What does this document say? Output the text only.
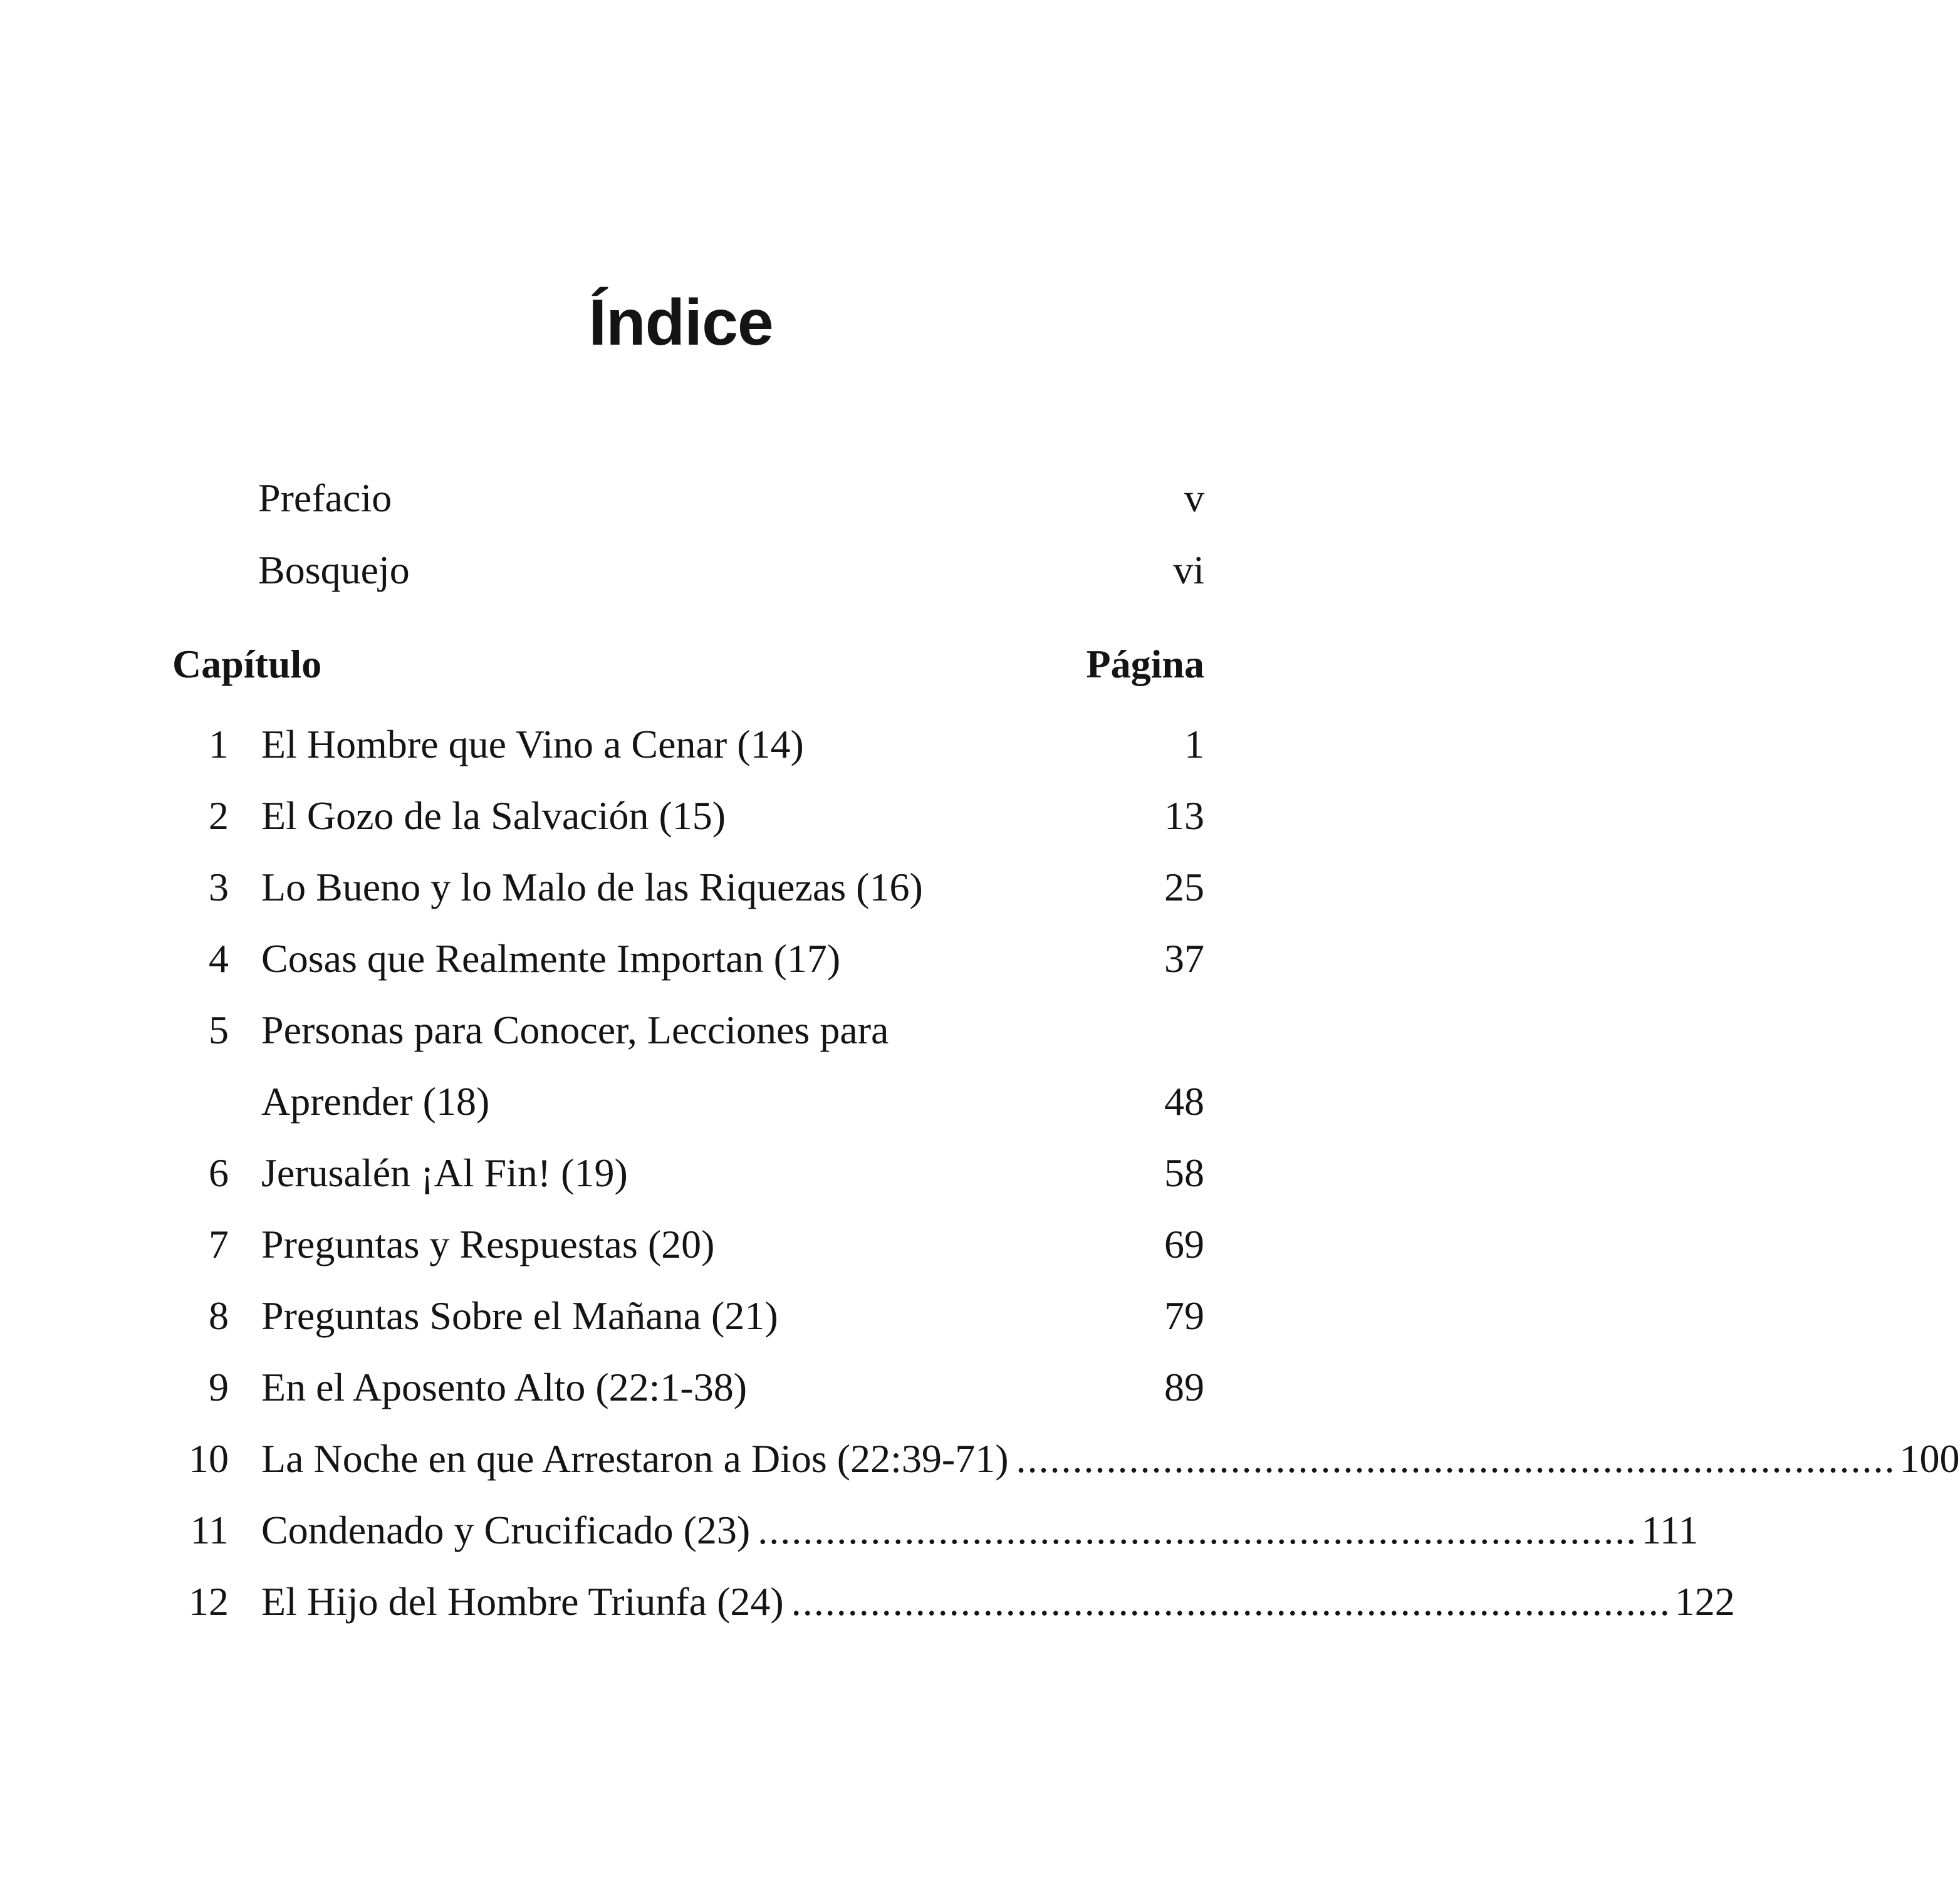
Índice
Prefacio	v
Bosquejo	vi
Capítulo	Página
1 El Hombre que Vino a Cenar (14)	1
2 El Gozo de la Salvación (15)	13
3 Lo Bueno y lo Malo de las Riquezas (16)	25
4 Cosas que Realmente Importan (17)	37
5 Personas para Conocer, Lecciones para
Aprender (18)	48
6 Jerusalén ¡Al Fin! (19)	58
7 Preguntas y Respuestas (20)	69
8 Preguntas Sobre el Mañana (21)	79
9 En el Aposento Alto (22:1-38)	89
10 La Noche en que Arrestaron a Dios (22:39-71) .............................................................................. 100
11 Condenado y Crucificado (23) .............................................................................. 111
12 El Hijo del Hombre Triunfa (24) .............................................................................. 122
